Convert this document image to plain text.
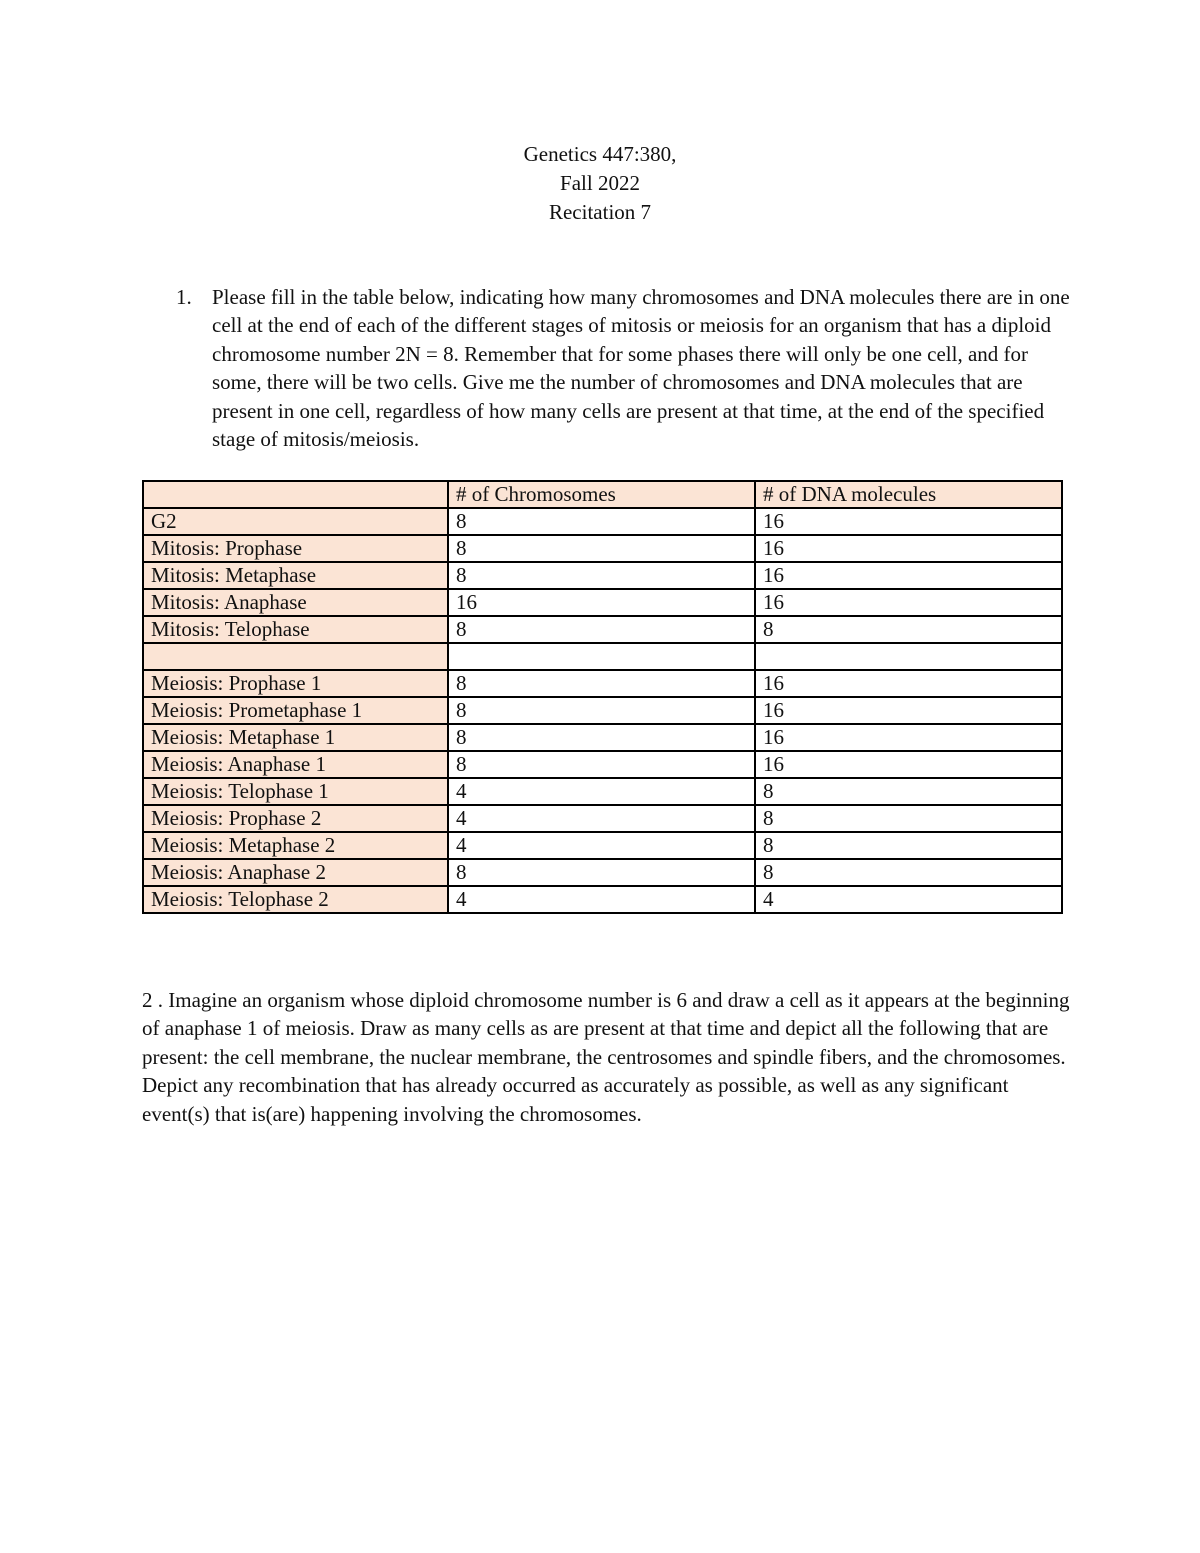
Genetics 447:380,
Fall 2022
Recitation 7
1. Please fill in the table below, indicating how many chromosomes and DNA molecules there are in one cell at the end of each of the different stages of mitosis or meiosis for an organism that has a diploid chromosome number 2N = 8. Remember that for some phases there will only be one cell, and for some, there will be two cells. Give me the number of chromosomes and DNA molecules that are present in one cell, regardless of how many cells are present at that time, at the end of the specified stage of mitosis/meiosis.
	# of Chromosomes	# of DNA molecules
G2	8	16
Mitosis: Prophase	8	16
Mitosis: Metaphase	8	16
Mitosis: Anaphase	16	16
Mitosis: Telophase	8	8

Meiosis: Prophase 1	8	16
Meiosis: Prometaphase 1	8	16
Meiosis: Metaphase 1	8	16
Meiosis: Anaphase 1	8	16
Meiosis: Telophase 1	4	8
Meiosis: Prophase 2	4	8
Meiosis: Metaphase 2	4	8
Meiosis: Anaphase 2	8	8
Meiosis: Telophase 2	4	4
2 . Imagine an organism whose diploid chromosome number is 6 and draw a cell as it appears at the beginning of anaphase 1 of meiosis. Draw as many cells as are present at that time and depict all the following that are present: the cell membrane, the nuclear membrane, the centrosomes and spindle fibers, and the chromosomes. Depict any recombination that has already occurred as accurately as possible, as well as any significant event(s) that is(are) happening involving the chromosomes.
